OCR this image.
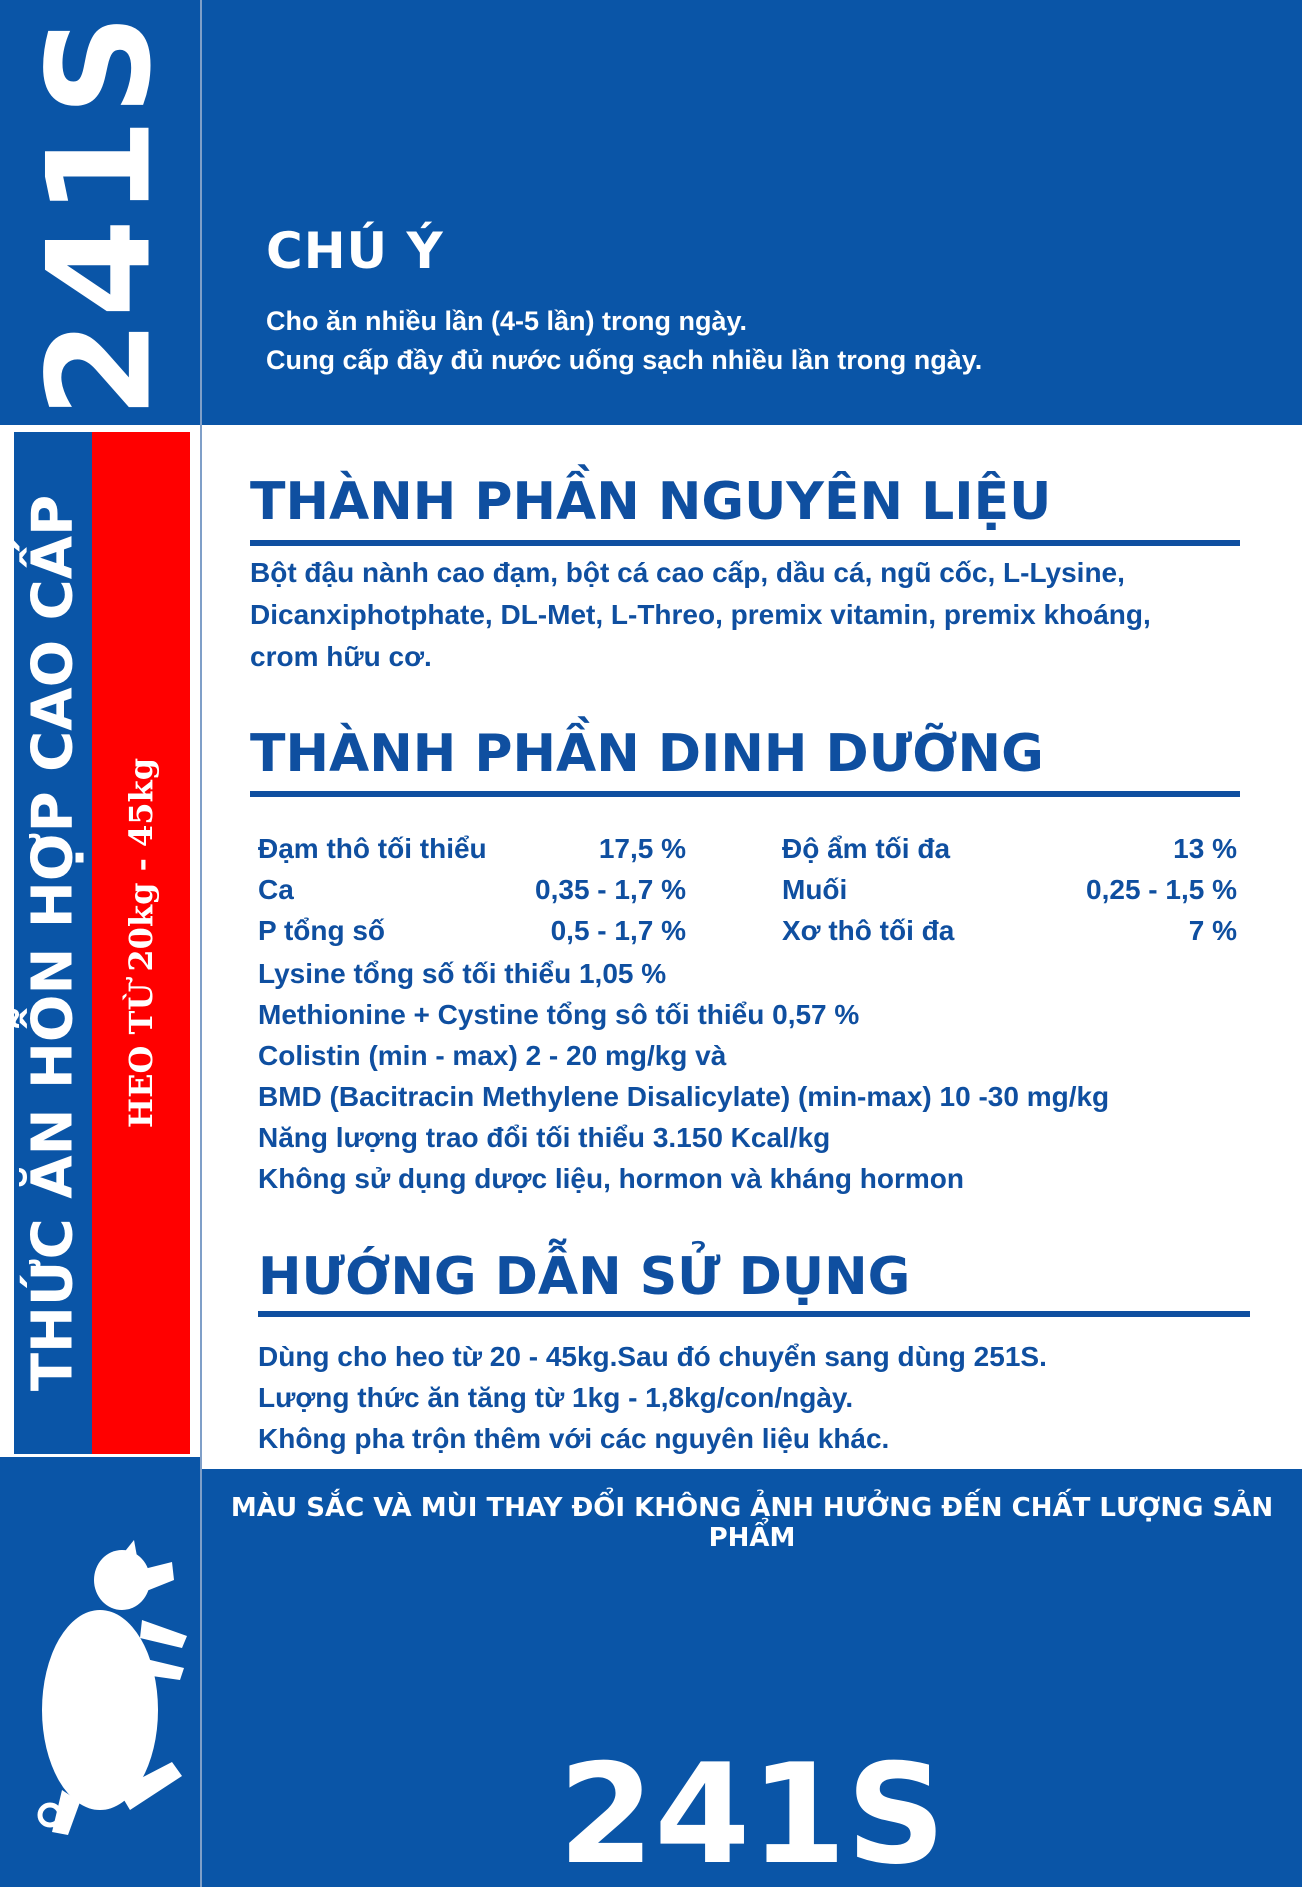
241S
THỨC ĂN HỖN HỢP CAO CẤP HEO TỪ 20kg - 45kg
CHÚ Ý
Cho ăn nhiều lần (4-5 lần) trong ngày.
Cung cấp đầy đủ nước uống sạch nhiều lần trong ngày.
THÀNH PHẦN NGUYÊN LIỆU
Bột đậu nành cao đạm, bột cá cao cấp, dầu cá, ngũ cốc, L-Lysine,
Dicanxiphotphate, DL-Met, L-Threo, premix vitamin, premix khoáng,
crom hữu cơ.
THÀNH PHẦN DINH DƯỠNG
Đạm thô tối thiểu	17,5 %	Độ ẩm tối đa	13 %
Ca	0,35 - 1,7 %	Muối	0,25 - 1,5 %
P tổng số	0,5 - 1,7 %	Xơ thô tối đa	7 %
Lysine tổng số tối thiểu 1,05 %
Methionine + Cystine tổng sô tối thiểu 0,57 %
Colistin (min - max) 2 - 20 mg/kg và
BMD (Bacitracin Methylene Disalicylate) (min-max) 10 -30 mg/kg
Năng lượng trao đổi tối thiểu 3.150 Kcal/kg
Không sử dụng dược liệu, hormon và kháng hormon
HƯỚNG DẪN SỬ DỤNG
Dùng cho heo từ 20 - 45kg.Sau đó chuyển sang dùng 251S.
Lượng thức ăn tăng từ 1kg - 1,8kg/con/ngày.
Không pha trộn thêm với các nguyên liệu khác.
MÀU SẮC VÀ MÙI THAY ĐỔI KHÔNG ẢNH HƯỞNG ĐẾN CHẤT LƯỢNG SẢN PHẨM
241S
